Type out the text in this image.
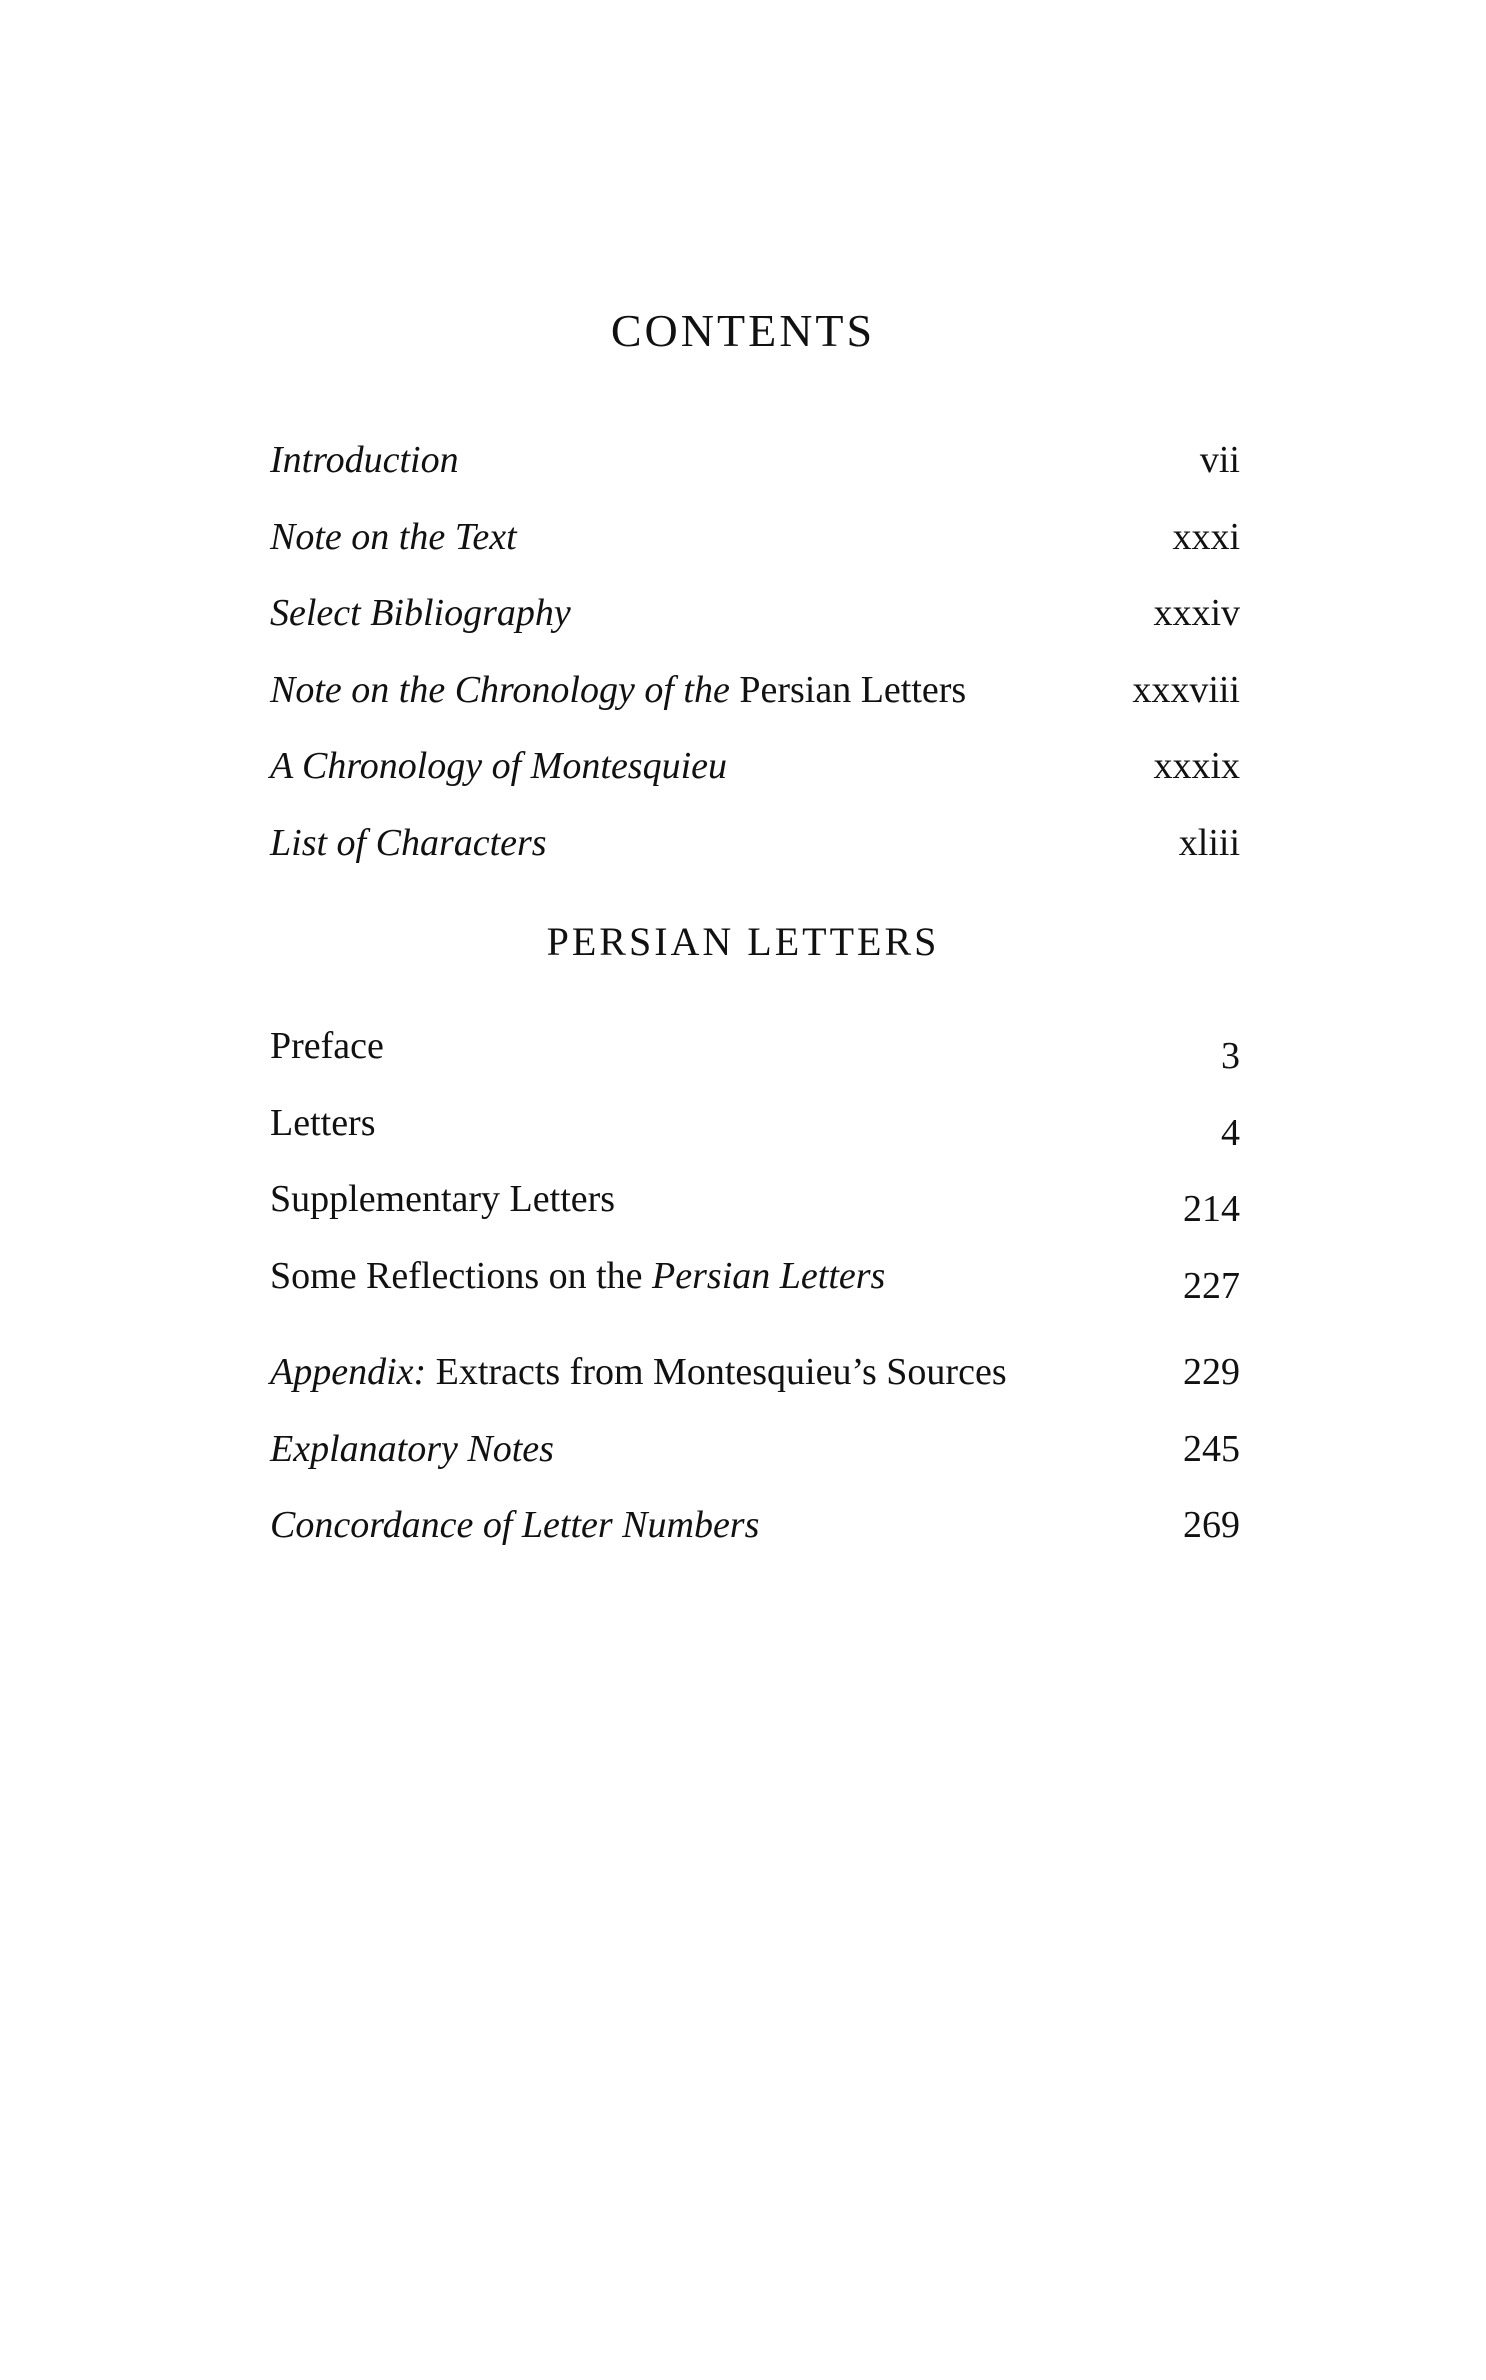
CONTENTS
Introduction	vii
Note on the Text	xxxi
Select Bibliography	xxxiv
Note on the Chronology of the Persian Letters	xxxviii
A Chronology of Montesquieu	xxxix
List of Characters	xliii
PERSIAN LETTERS
Preface	3
Letters	4
Supplementary Letters	214
Some Reflections on the Persian Letters	227
Appendix: Extracts from Montesquieu’s Sources	229
Explanatory Notes	245
Concordance of Letter Numbers	269
